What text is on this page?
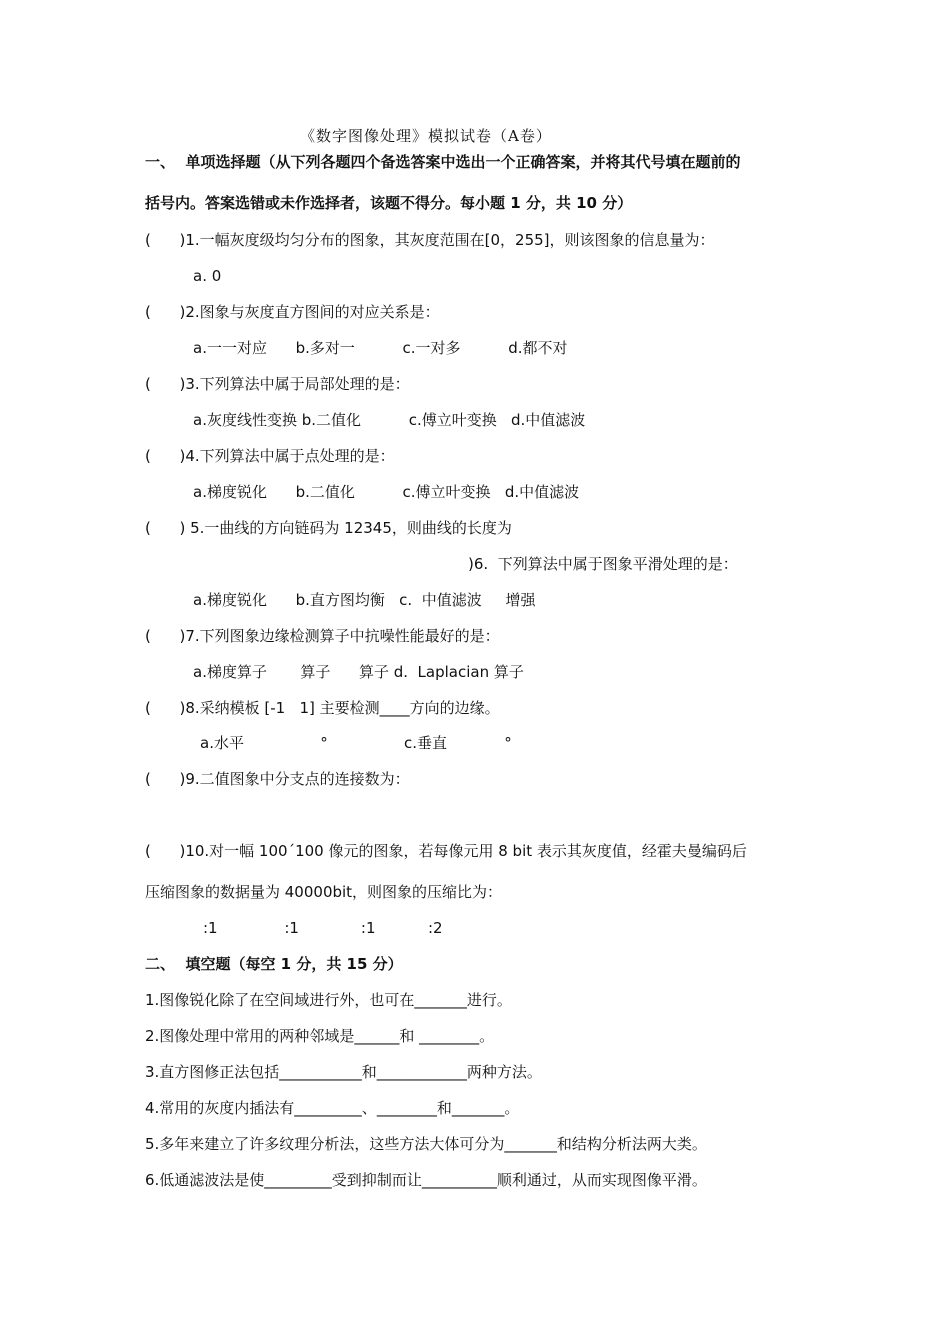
《数字图像处理》模拟试卷（A卷）
一、  单项选择题（从下列各题四个备选答案中选出一个正确答案，并将其代号填在题前的
括号内。答案选错或未作选择者，该题不得分。每小题 1 分，共 10 分）
(      )1.一幅灰度级均匀分布的图象，其灰度范围在[0，255]，则该图象的信息量为：
a. 0
(      )2.图象与灰度直方图间的对应关系是：
a.一一对应      b.多对一          c.一对多          d.都不对
(      )3.下列算法中属于局部处理的是：
a.灰度线性变换 b.二值化          c.傅立叶变换   d.中值滤波
(      )4.下列算法中属于点处理的是：
a.梯度锐化      b.二值化          c.傅立叶变换   d.中值滤波
(      ) 5.一曲线的方向链码为 12345，则曲线的长度为
)6.  下列算法中属于图象平滑处理的是：
a.梯度锐化      b.直方图均衡   c.  中值滤波     增强
(      )7.下列图象边缘检测算子中抗噪性能最好的是：
a.梯度算子       算子      算子 d.  Laplacian 算子
(      )8.采纳模板 [-1   1] 主要检测____方向的边缘。
a.水平                °                c.垂直            °
(      )9.二值图象中分支点的连接数为：
(      )10.对一幅 100´100 像元的图象，若每像元用 8 bit 表示其灰度值，经霍夫曼编码后
压缩图象的数据量为 40000bit，则图象的压缩比为：
:1              :1             :1           :2
二、  填空题（每空 1 分，共 15 分）
1.图像锐化除了在空间域进行外，也可在_______进行。
2.图像处理中常用的两种邻域是______和 ________。
3.直方图修正法包括___________和____________两种方法。
4.常用的灰度内插法有_________、________和_______。
5.多年来建立了许多纹理分析法，这些方法大体可分为_______和结构分析法两大类。
6.低通滤波法是使_________受到抑制而让__________顺利通过，从而实现图像平滑。
